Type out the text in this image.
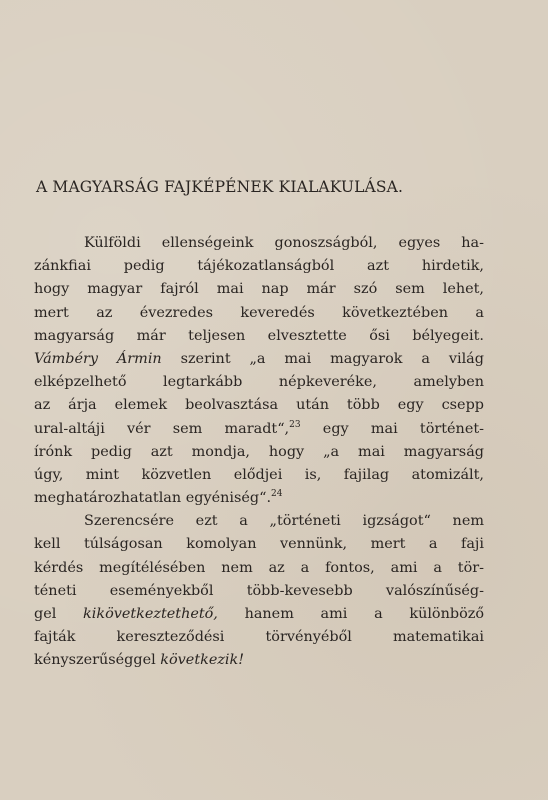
A MAGYARSÁG FAJKÉPÉNEK KIALAKULÁSA.
Külföldi ellenségeink gonoszságból, egyes ha-
zánkfiai pedig tájékozatlanságból azt hirdetik,
hogy magyar fajról mai nap már szó sem lehet,
mert az évezredes keveredés következtében a
magyarság már teljesen elvesztette ősi bélyegeit.
Vámbéry Ármin szerint „a mai magyarok a világ
elképzelhető legtarkább népkeveréke, amelyben
az árja elemek beolvasztása után több egy csepp
ural-altáji vér sem maradt“,$^{23}$ egy mai történet-
írónk pedig azt mondja, hogy „a mai magyarság
úgy, mint közvetlen elődjei is, fajilag atomizált,
meghatározhatatlan egyéniség“.$^{24}$
Szerencsére ezt a „történeti igzságot“ nem
kell túlságosan komolyan vennünk, mert a faji
kérdés megítélésében nem az a fontos, ami a tör-
téneti eseményekből több-kevesebb valószínűség-
gel kikövetkeztethető, hanem ami a különböző
fajták kereszteződési törvényéből matematikai
kényszerűséggel következik!
